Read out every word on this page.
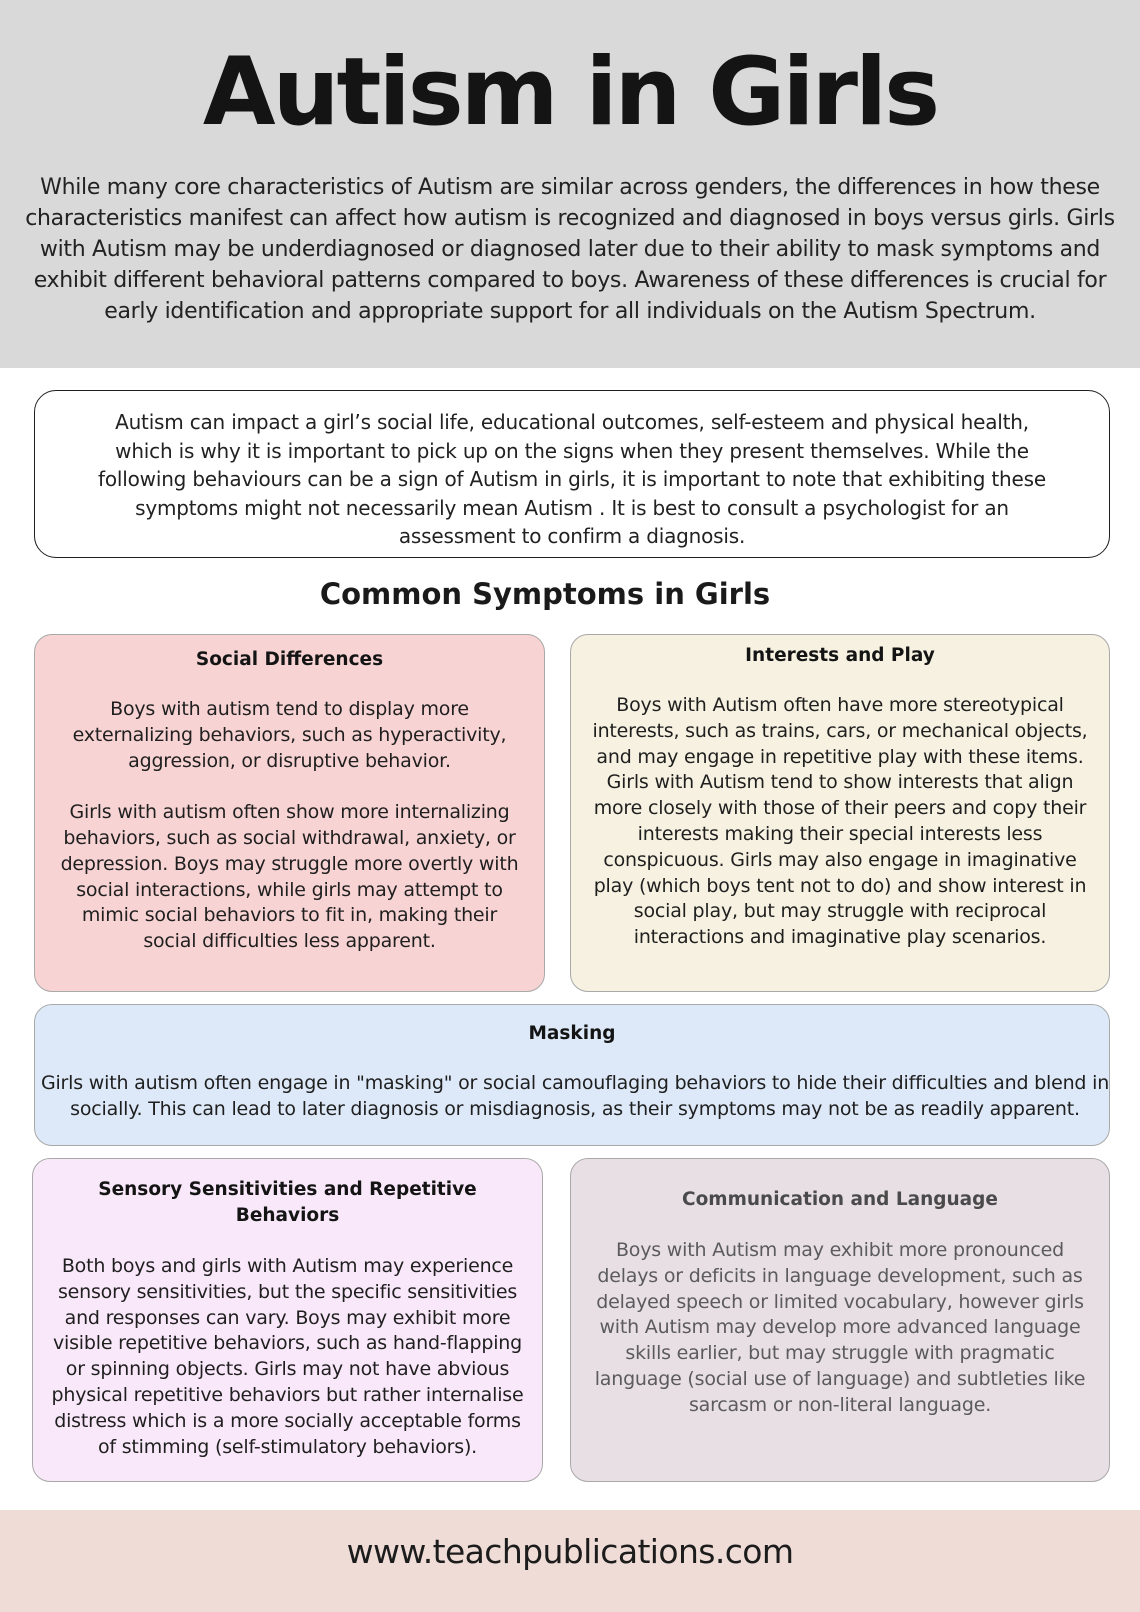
Autism in Girls

While many core characteristics of Autism are similar across genders, the differences in how these characteristics manifest can affect how autism is recognized and diagnosed in boys versus girls. Girls with Autism may be underdiagnosed or diagnosed later due to their ability to mask symptoms and exhibit different behavioral patterns compared to boys. Awareness of these differences is crucial for early identification and appropriate support for all individuals on the Autism Spectrum.

Autism can impact a girl’s social life, educational outcomes, self-esteem and physical health, which is why it is important to pick up on the signs when they present themselves. While the following behaviours can be a sign of Autism in girls, it is important to note that exhibiting these symptoms might not necessarily mean Autism . It is best to consult a psychologist for an assessment to confirm a diagnosis.

Common Symptoms in Girls
Social Differences

Boys with autism tend to display more externalizing behaviors, such as hyperactivity, aggression, or disruptive behavior.

Girls with autism often show more internalizing behaviors, such as social withdrawal, anxiety, or depression. Boys may struggle more overtly with social interactions, while girls may attempt to mimic social behaviors to fit in, making their social difficulties less apparent.

Interests and Play

Boys with Autism often have more stereotypical interests, such as trains, cars, or mechanical objects, and may engage in repetitive play with these items. Girls with Autism tend to show interests that align more closely with those of their peers and copy their interests making their special interests less conspicuous. Girls may also engage in imaginative play (which boys tent not to do) and show interest in social play, but may struggle with reciprocal interactions and imaginative play scenarios.

Masking

Girls with autism often engage in "masking" or social camouflaging behaviors to hide their difficulties and blend in socially. This can lead to later diagnosis or misdiagnosis, as their symptoms may not be as readily apparent.

Sensory Sensitivities and Repetitive Behaviors

Both boys and girls with Autism may experience sensory sensitivities, but the specific sensitivities and responses can vary. Boys may exhibit more visible repetitive behaviors, such as hand-flapping or spinning objects. Girls may not have abvious physical repetitive behaviors but rather internalise distress which is a more socially acceptable forms of stimming (self-stimulatory behaviors).

Communication and Language

Boys with Autism may exhibit more pronounced delays or deficits in language development, such as delayed speech or limited vocabulary, however girls with Autism may develop more advanced language skills earlier, but may struggle with pragmatic language (social use of language) and subtleties like sarcasm or non-literal language.

www.teachpublications.com
